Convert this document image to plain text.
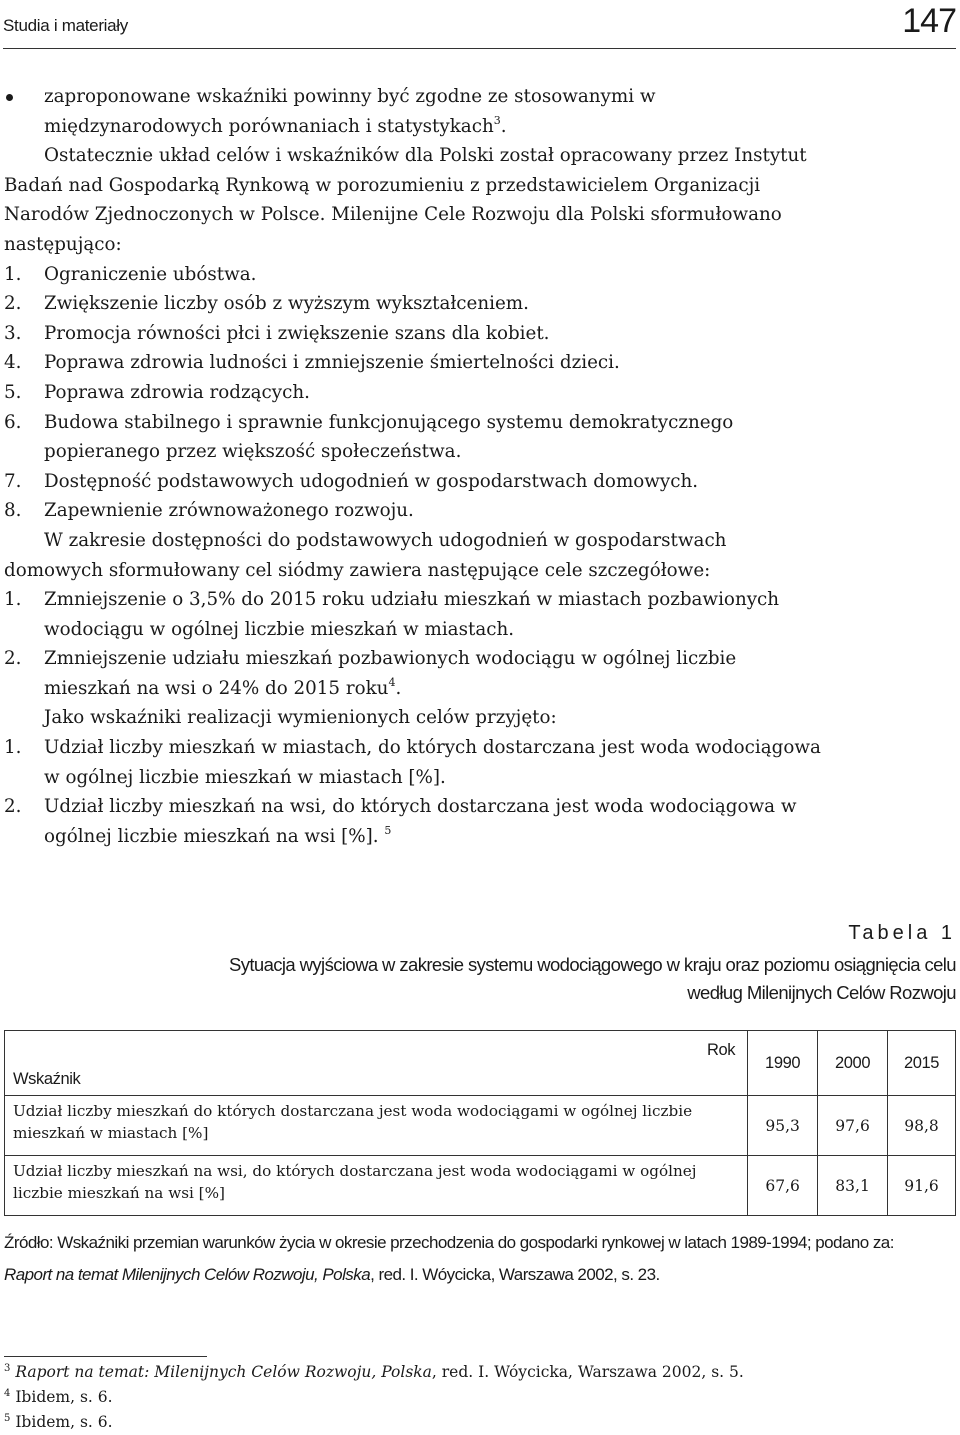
Studia i materiały	147

zaproponowane wskaźniki powinny być zgodne ze stosowanymi w międzynarodowych porównaniach i statystykach$^3$.

Ostatecznie układ celów i wskaźników dla Polski został opracowany przez Instytut Badań nad Gospodarką Rynkową w porozumieniu z przedstawicielem Organizacji Narodów Zjednoczonych w Polsce. Milenijne Cele Rozwoju dla Polski sformułowano następująco:

1. Ograniczenie ubóstwa.

2. Zwiększenie liczby osób z wyższym wykształceniem.

3. Promocja równości płci i zwiększenie szans dla kobiet.

4. Poprawa zdrowia ludności i zmniejszenie śmiertelności dzieci.

5. Poprawa zdrowia rodzących.

6. Budowa stabilnego i sprawnie funkcjonującego systemu demokratycznego popieranego przez większość społeczeństwa.

7. Dostępność podstawowych udogodnień w gospodarstwach domowych.

8. Zapewnienie zrównoważonego rozwoju.

W zakresie dostępności do podstawowych udogodnień w gospodarstwach domowych sformułowany cel siódmy zawiera następujące cele szczegółowe:

1. Zmniejszenie o 3,5% do 2015 roku udziału mieszkań w miastach pozbawionych wodociągu w ogólnej liczbie mieszkań w miastach.

2. Zmniejszenie udziału mieszkań pozbawionych wodociągu w ogólnej liczbie mieszkań na wsi o 24% do 2015 roku$^4$.

Jako wskaźniki realizacji wymienionych celów przyjęto:

1. Udział liczby mieszkań w miastach, do których dostarczana jest woda wodociągowa w ogólnej liczbie mieszkań w miastach [%].

2. Udział liczby mieszkań na wsi, do których dostarczana jest woda wodociągowa w ogólnej liczbie mieszkań na wsi [%]. $^5$

Tabela 1
Sytuacja wyjściowa w zakresie systemu wodociągowego w kraju oraz poziomu osiągnięcia celu
według Milenijnych Celów Rozwoju
Rok
Wskaźnik	1990	2000	2015
Udział liczby mieszkań do których dostarczana jest woda wodociągami w ogólnej liczbie mieszkań w miastach [%]	95,3	97,6	98,8
Udział liczby mieszkań na wsi, do których dostarczana jest woda wodociągami w ogólnej liczbie mieszkań na wsi [%]	67,6	83,1	91,6
Źródło: Wskaźniki przemian warunków życia w okresie przechodzenia do gospodarki rynkowej w latach 1989-1994; podano za:
Raport na temat Milenijnych Celów Rozwoju, Polska, red. I. Wóycicka, Warszawa 2002, s. 23.

$^3$ Raport na temat: Milenijnych Celów Rozwoju, Polska, red. I. Wóycicka, Warszawa 2002, s. 5.

$^4$ Ibidem, s. 6.

$^5$ Ibidem, s. 6.
